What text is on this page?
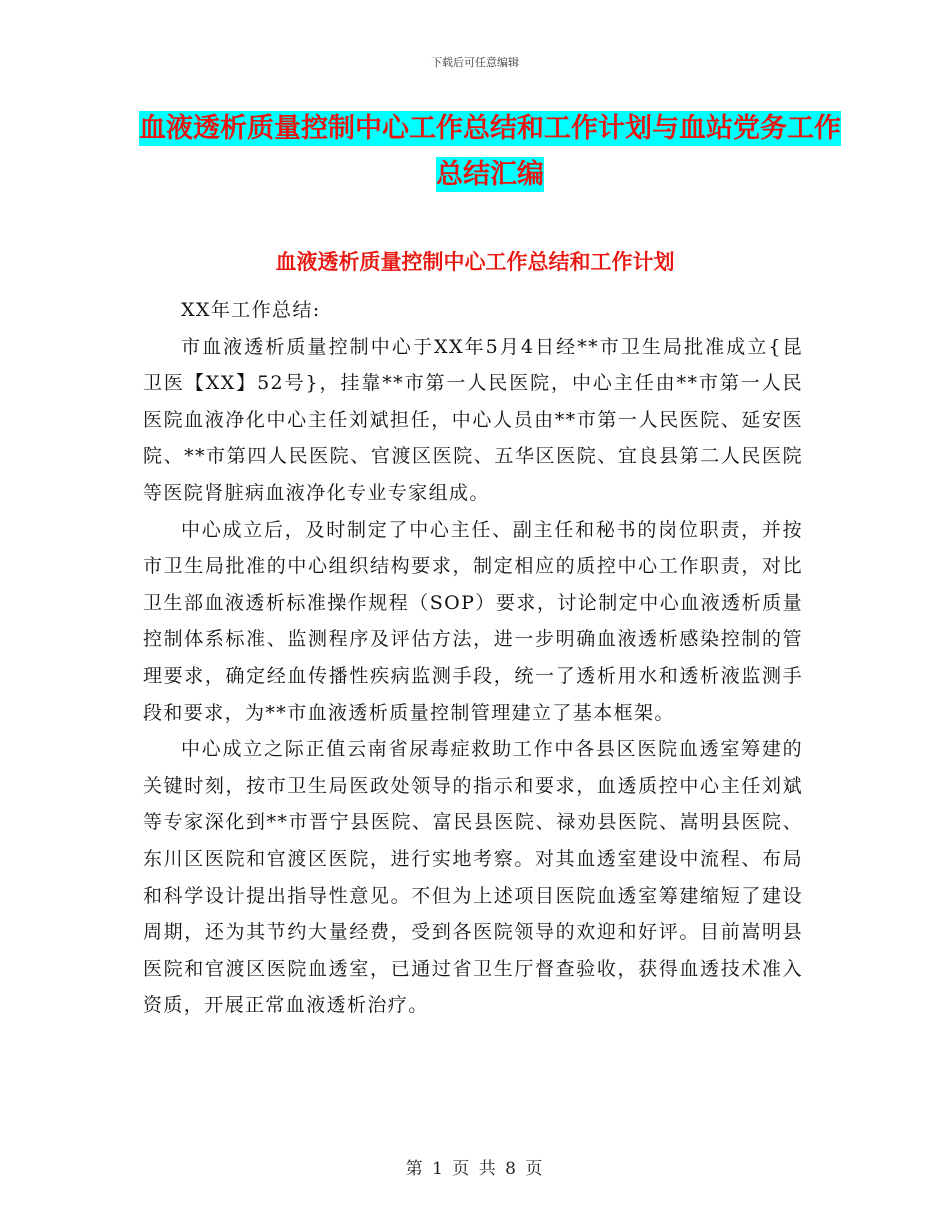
下载后可任意编辑
血液透析质量控制中心工作总结和工作计划与血站党务工作总结汇编
血液透析质量控制中心工作总结和工作计划

XX年工作总结:

市血液透析质量控制中心于XX年5月4日经**市卫生局批准成立{昆卫医【XX】52号}，挂靠**市第一人民医院，中心主任由**市第一人民医院血液净化中心主任刘斌担任，中心人员由**市第一人民医院、延安医院、**市第四人民医院、官渡区医院、五华区医院、宜良县第二人民医院等医院肾脏病血液净化专业专家组成。

中心成立后，及时制定了中心主任、副主任和秘书的岗位职责，并按市卫生局批准的中心组织结构要求，制定相应的质控中心工作职责，对比卫生部血液透析标准操作规程（SOP）要求，讨论制定中心血液透析质量控制体系标准、监测程序及评估方法，进一步明确血液透析感染控制的管理要求，确定经血传播性疾病监测手段，统一了透析用水和透析液监测手段和要求，为**市血液透析质量控制管理建立了基本框架。

中心成立之际正值云南省尿毒症救助工作中各县区医院血透室筹建的关键时刻，按市卫生局医政处领导的指示和要求，血透质控中心主任刘斌等专家深化到**市晋宁县医院、富民县医院、禄劝县医院、嵩明县医院、东川区医院和官渡区医院，进行实地考察。对其血透室建设中流程、布局和科学设计提出指导性意见。不但为上述项目医院血透室筹建缩短了建设周期，还为其节约大量经费，受到各医院领导的欢迎和好评。目前嵩明县医院和官渡区医院血透室，已通过省卫生厅督查验收，获得血透技术准入资质，开展正常血液透析治疗。

第 1 页 共 8 页
